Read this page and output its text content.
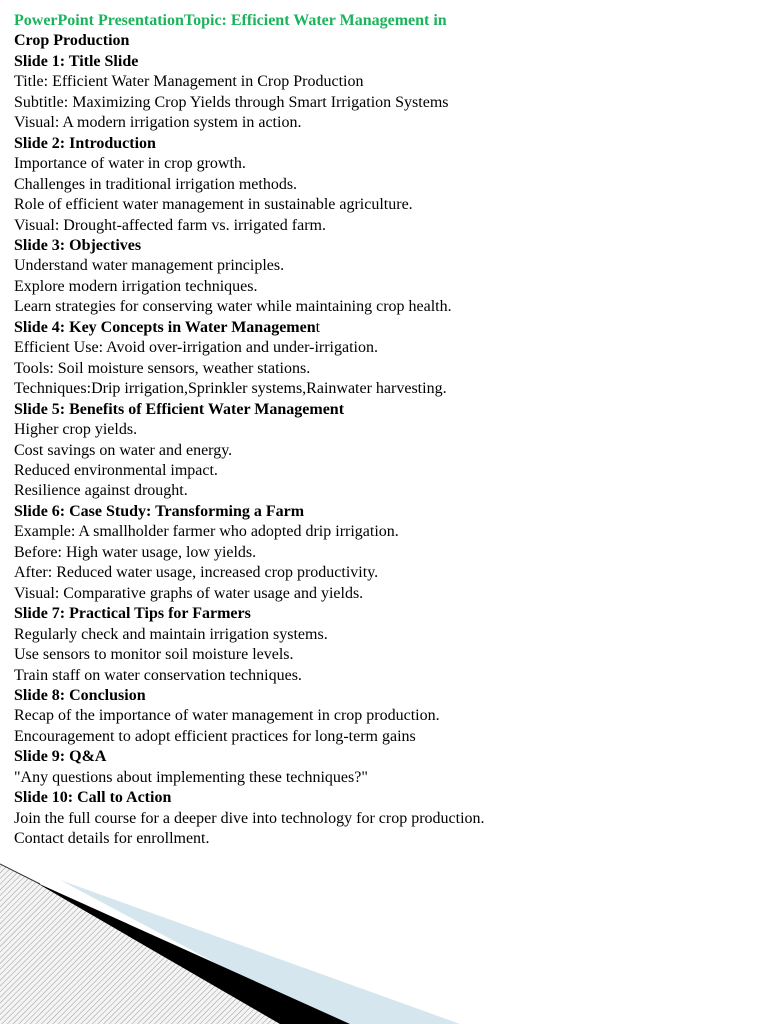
PowerPoint PresentationTopic: Efficient Water Management in
Crop Production
Slide 1: Title Slide
Title: Efficient Water Management in Crop Production
Subtitle: Maximizing Crop Yields through Smart Irrigation Systems
Visual: A modern irrigation system in action.
Slide 2: Introduction
Importance of water in crop growth.
Challenges in traditional irrigation methods.
Role of efficient water management in sustainable agriculture.
Visual: Drought-affected farm vs. irrigated farm.
Slide 3: Objectives
Understand water management principles.
Explore modern irrigation techniques.
Learn strategies for conserving water while maintaining crop health.
Slide 4: Key Concepts in Water Management
Efficient Use: Avoid over-irrigation and under-irrigation.
Tools: Soil moisture sensors, weather stations.
Techniques:Drip irrigation,Sprinkler systems,Rainwater harvesting.
Slide 5: Benefits of Efficient Water Management
Higher crop yields.
Cost savings on water and energy.
Reduced environmental impact.
Resilience against drought.
Slide 6: Case Study: Transforming a Farm
Example: A smallholder farmer who adopted drip irrigation.
Before: High water usage, low yields.
After: Reduced water usage, increased crop productivity.
Visual: Comparative graphs of water usage and yields.
Slide 7: Practical Tips for Farmers
Regularly check and maintain irrigation systems.
Use sensors to monitor soil moisture levels.
Train staff on water conservation techniques.
Slide 8: Conclusion
Recap of the importance of water management in crop production.
Encouragement to adopt efficient practices for long-term gains
Slide 9: Q&A
"Any questions about implementing these techniques?"
Slide 10: Call to Action
Join the full course for a deeper dive into technology for crop production.
Contact details for enrollment.
